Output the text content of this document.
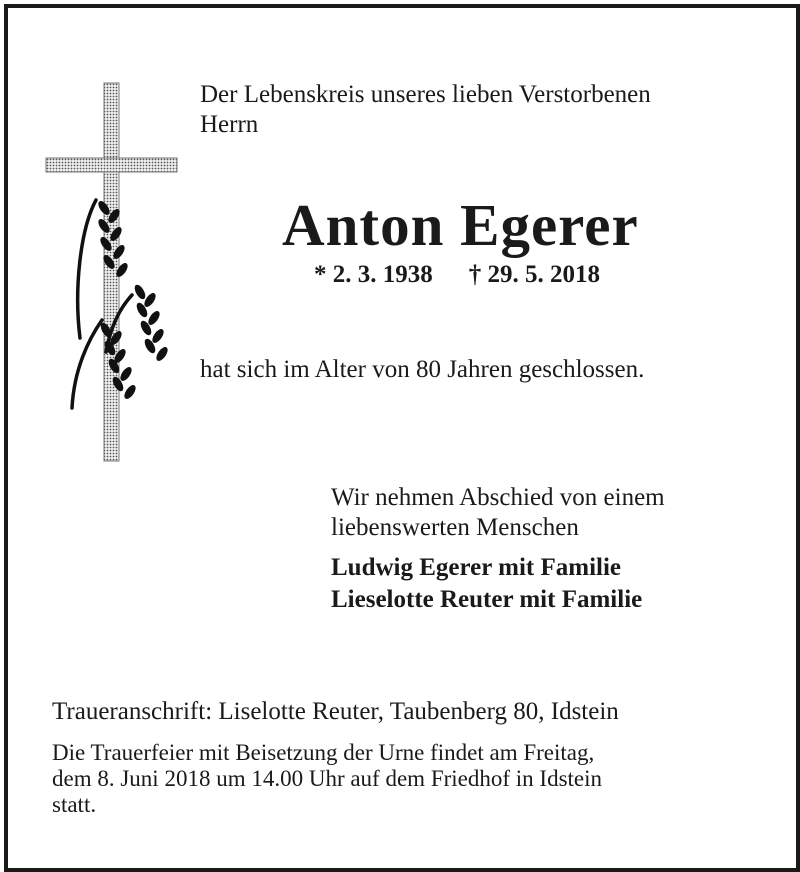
Der Lebenskreis unseres lieben Verstorbenen
Herrn
Anton Egerer
* 2. 3. 1938 † 29. 5. 2018
hat sich im Alter von 80 Jahren geschlossen.
Wir nehmen Abschied von einem
liebenswerten Menschen
Ludwig Egerer mit Familie
Lieselotte Reuter mit Familie
Traueranschrift: Liselotte Reuter, Taubenberg 80, Idstein
Die Trauerfeier mit Beisetzung der Urne findet am Freitag,
dem 8. Juni 2018 um 14.00 Uhr auf dem Friedhof in Idstein
statt.
